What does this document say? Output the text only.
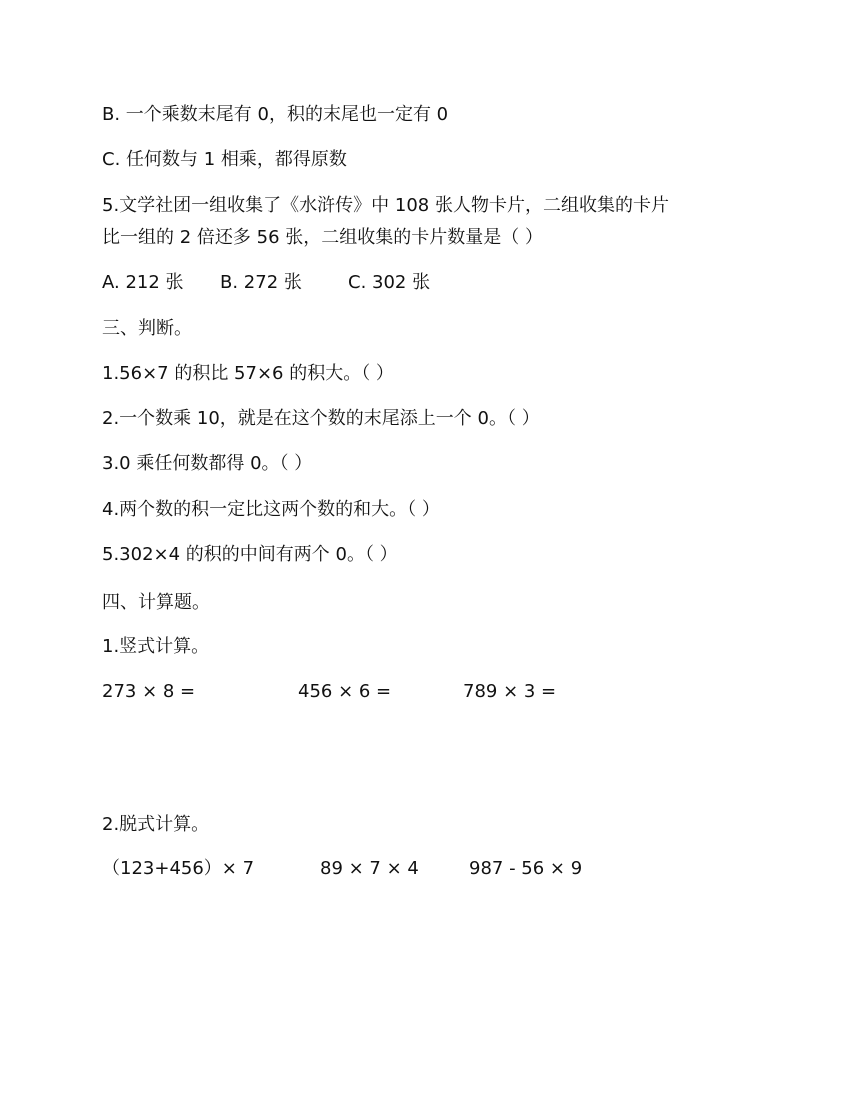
B. 一个乘数末尾有 0，积的末尾也一定有 0
C. 任何数与 1 相乘，都得原数
5.文学社团一组收集了《水浒传》中 108 张人物卡片，二组收集的卡片
比一组的 2 倍还多 56 张，二组收集的卡片数量是（ ）
A. 212 张 B. 272 张	C. 302 张
三、判断。
1.56×7 的积比 57×6 的积大。（ ）
2.一个数乘 10，就是在这个数的末尾添上一个 0。（ ）
3.0 乘任何数都得 0。（ ）
4.两个数的积一定比这两个数的和大。（ ）
5.302×4 的积的中间有两个 0。（ ）
四、计算题。
1.竖式计算。
273 × 8 =	456 × 6 =	789 × 3 =
2.脱式计算。
（123+456）× 7	89 × 7 × 4	987 - 56 × 9
